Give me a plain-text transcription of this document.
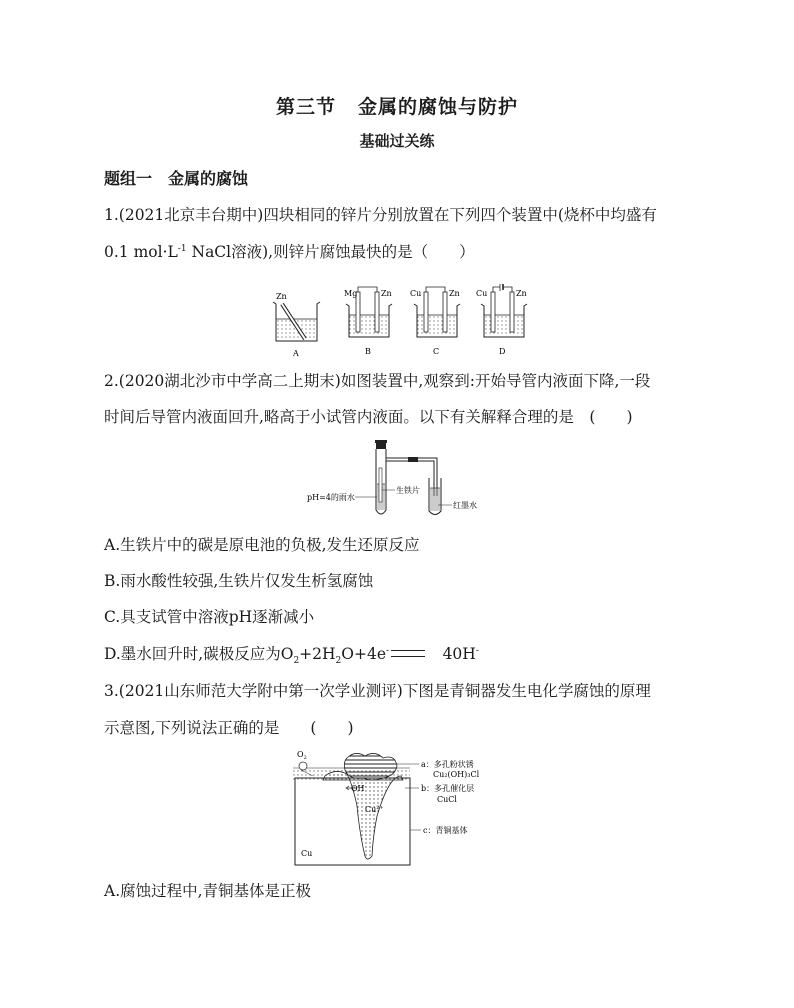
第三节 金属的腐蚀与防护
基础过关练
题组一 金属的腐蚀
1.(2021北京丰台期中)四块相同的锌片分别放置在下列四个装置中(烧杯中均盛有
0.1 $mol\cdot L^{-1}$ NaCl溶液),则锌片腐蚀最快的是（　　）
Zn
A
Mg	Zn
B
Cu	Zn
C
Cu	Zn
D
2.(2020湖北沙市中学高二上期末)如图装置中,观察到:开始导管内液面下降,一段
时间后导管内液面回升,略高于小试管内液面。以下有关解释合理的是　(　　)
pH=4的雨水
生铁片
红墨水
A.生铁片中的碳是原电池的负极,发生还原反应
B.雨水酸性较强,生铁片仅发生析氢腐蚀
C.具支试管中溶液pH逐渐减小
D.墨水回升时,碳极反应为$O_2+2H_2O+4e^-$　40H-
3.(2021山东师范大学附中第一次学业测评)下图是青铜器发生电化学腐蚀的原理
示意图,下列说法正确的是　　(　　)
$O_2$
OH-
$Cu^{2+}$
Cu
a：多孔粉状锈
Cu₂(OH)₃Cl
b：多孔催化层
CuCl
c：青铜基体
A.腐蚀过程中,青铜基体是正极
